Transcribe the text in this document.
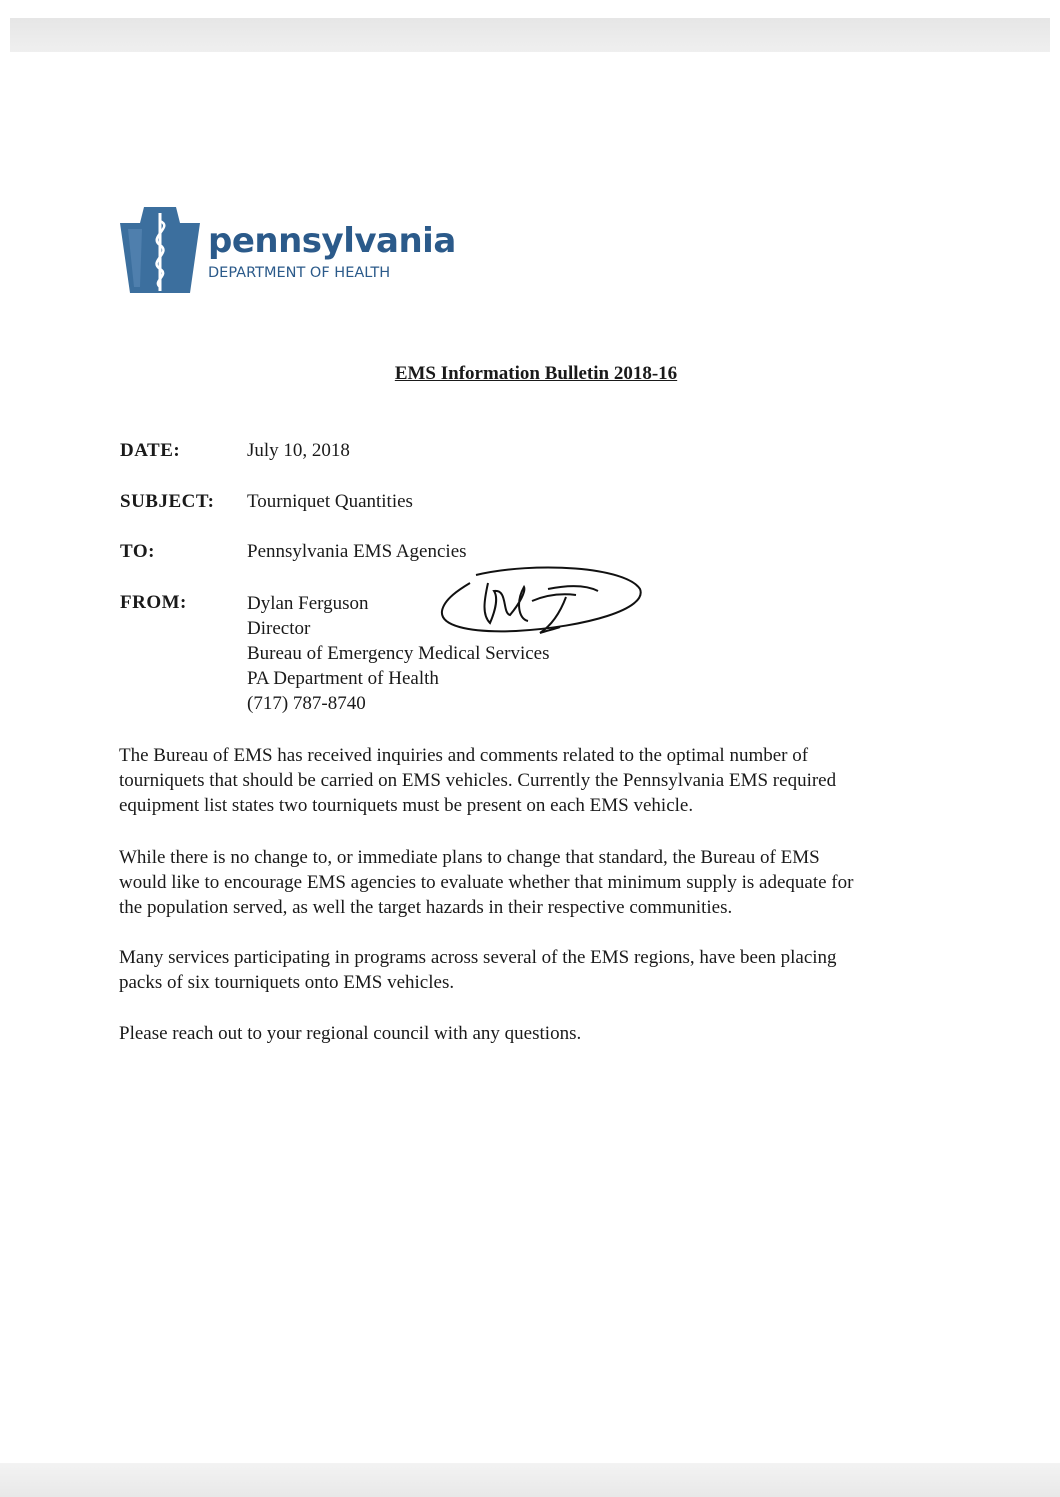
pennsylvania
DEPARTMENT OF HEALTH
EMS Information Bulletin 2018-16
DATE:	July 10, 2018
SUBJECT: Tourniquet Quantities
TO:	Pennsylvania EMS Agencies
FROM:	Dylan Ferguson
Director
Bureau of Emergency Medical Services
PA Department of Health
(717) 787-8740
The Bureau of EMS has received inquiries and comments related to the optimal number of
tourniquets that should be carried on EMS vehicles. Currently the Pennsylvania EMS required
equipment list states two tourniquets must be present on each EMS vehicle.
While there is no change to, or immediate plans to change that standard, the Bureau of EMS
would like to encourage EMS agencies to evaluate whether that minimum supply is adequate for
the population served, as well the target hazards in their respective communities.
Many services participating in programs across several of the EMS regions, have been placing
packs of six tourniquets onto EMS vehicles.
Please reach out to your regional council with any questions.
